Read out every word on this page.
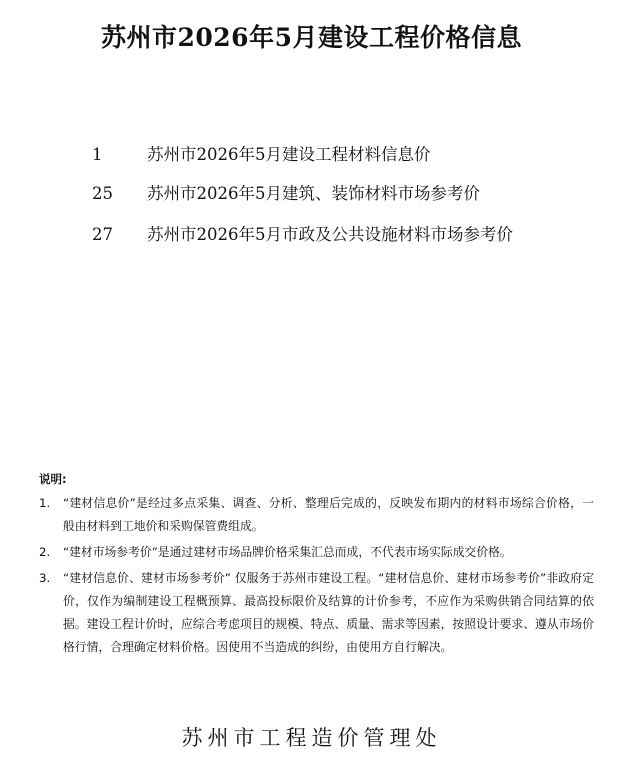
苏州市2026年5月建设工程价格信息
1	苏州市2026年5月建设工程材料信息价
25 苏州市2026年5月建筑、装饰材料市场参考价
27 苏州市2026年5月市政及公共设施材料市场参考价
说明:
1. “建材信息价”是经过多点采集、调查、分析、整理后完成的，反映发布期内的材料市场综合价格，一般由材料到工地价和采购保管费组成。
2. “建材市场参考价”是通过建材市场品牌价格采集汇总而成，不代表市场实际成交价格。
3. “建材信息价、建材市场参考价” 仅服务于苏州市建设工程。“建材信息价、建材市场参考价”非政府定价，仅作为编制建设工程概预算、最高投标限价及结算的计价参考，不应作为采购供销合同结算的依据。建设工程计价时，应综合考虑项目的规模、特点、质量、需求等因素，按照设计要求、遵从市场价格行情，合理确定材料价格。因使用不当造成的纠纷，由使用方自行解决。
苏州市工程造价管理处
